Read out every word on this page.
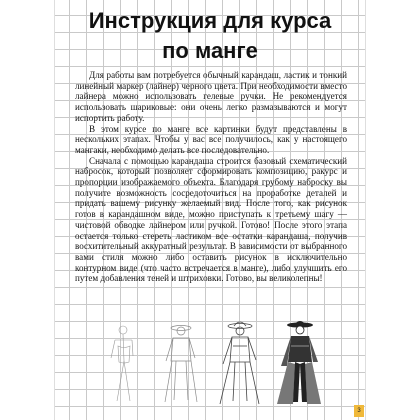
Инструкция для курса
по манге

Для работы вам потребуется обычный карандаш, ластик и тонкий линейный маркер (лайнер) черного цвета. При необходимости вместо лайнера можно использовать гелевые ручки. Не рекомендуется использовать шариковые: они очень легко размазываются и могут испортить работу.

В этом курсе по манге все картинки будут представлены в нескольких этапах. Чтобы у вас все получилось, как у настоящего мангаки, необходимо делать все последовательно.

Сначала с помощью карандаша строится базовый схематический набросок, который позволяет сформировать композицию, ракурс и пропорции изображаемого объекта. Благодаря грубому наброску вы получите возможность сосредоточиться на проработке деталей и придать вашему рисунку желаемый вид. После того, как рисунок готов в карандашном виде, можно приступать к третьему шагу — чистовой обводке лайнером или ручкой. Готово! После этого этапа остается только стереть ластиком все остатки карандаша, получив восхитительный аккуратный результат. В зависимости от выбранного вами стиля можно либо оставить рисунок в исключительно контурном виде (что часто встречается в манге), либо улучшить его путем добавления теней и штриховки. Готово, вы великолепны!

3
